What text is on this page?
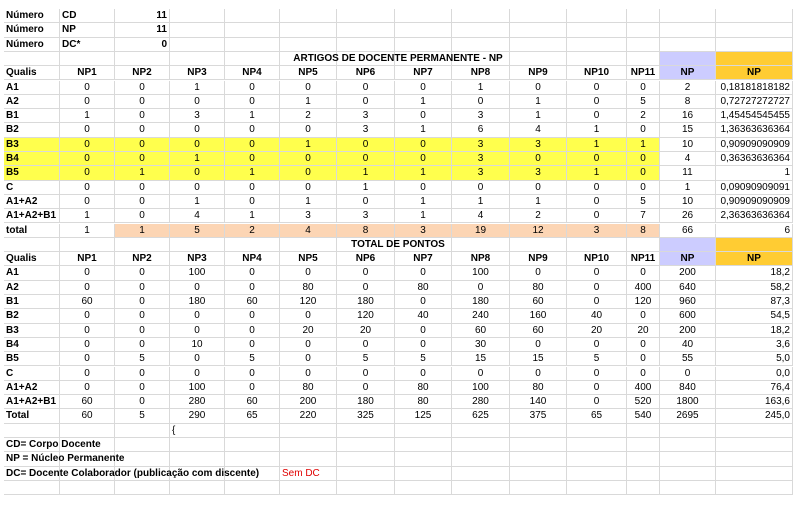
Número	CD	11
Número	NP	11
Número	DC*	0
ARTIGOS DE DOCENTE PERMANENTE - NP
Qualis	NP1	NP2	NP3	NP4	NP5	NP6	NP7	NP8	NP9	NP10	NP11	NP	NP
A1	0	0	1	0	0	0	0	1	0	0	0	2	0,18181818182
A2	0	0	0	0	1	0	1	0	1	0	5	8	0,72727272727
B1	1	0	3	1	2	3	0	3	1	0	2	16	1,45454545455
B2	0	0	0	0	0	3	1	6	4	1	0	15	1,36363636364
B3	0	0	0	0	1	0	0	3	3	1	1	10	0,90909090909
B4	0	0	1	0	0	0	0	3	0	0	0	4	0,36363636364
B5	0	1	0	1	0	1	1	3	3	1	0	11	1
C	0	0	0	0	0	1	0	0	0	0	0	1	0,09090909091
A1+A2	0	0	1	0	1	0	1	1	1	0	5	10	0,90909090909
A1+A2+B1	1	0	4	1	3	3	1	4	2	0	7	26	2,36363636364
total	1	1	5	2	4	8	3	19	12	3	8	66	6
TOTAL DE PONTOS
Qualis	NP1	NP2	NP3	NP4	NP5	NP6	NP7	NP8	NP9	NP10	NP11	NP	NP
A1	0	0	100	0	0	0	0	100	0	0	0	200	18,2
A2	0	0	0	0	80	0	80	0	80	0	400	640	58,2
B1	60	0	180	60	120	180	0	180	60	0	120	960	87,3
B2	0	0	0	0	0	120	40	240	160	40	0	600	54,5
B3	0	0	0	0	20	20	0	60	60	20	20	200	18,2
B4	0	0	10	0	0	0	0	30	0	0	0	40	3,6
B5	0	5	0	5	0	5	5	15	15	5	0	55	5,0
C	0	0	0	0	0	0	0	0	0	0	0	0	0,0
A1+A2	0	0	100	0	80	0	80	100	80	0	400	840	76,4
A1+A2+B1	60	0	280	60	200	180	80	280	140	0	520	1800	163,6
Total	60	5	290	65	220	325	125	625	375	65	540	2695	245,0
{
CD= Corpo Docente
NP = Núcleo Permanente
DC= Docente Colaborador (publicação com discente)	Sem DC
